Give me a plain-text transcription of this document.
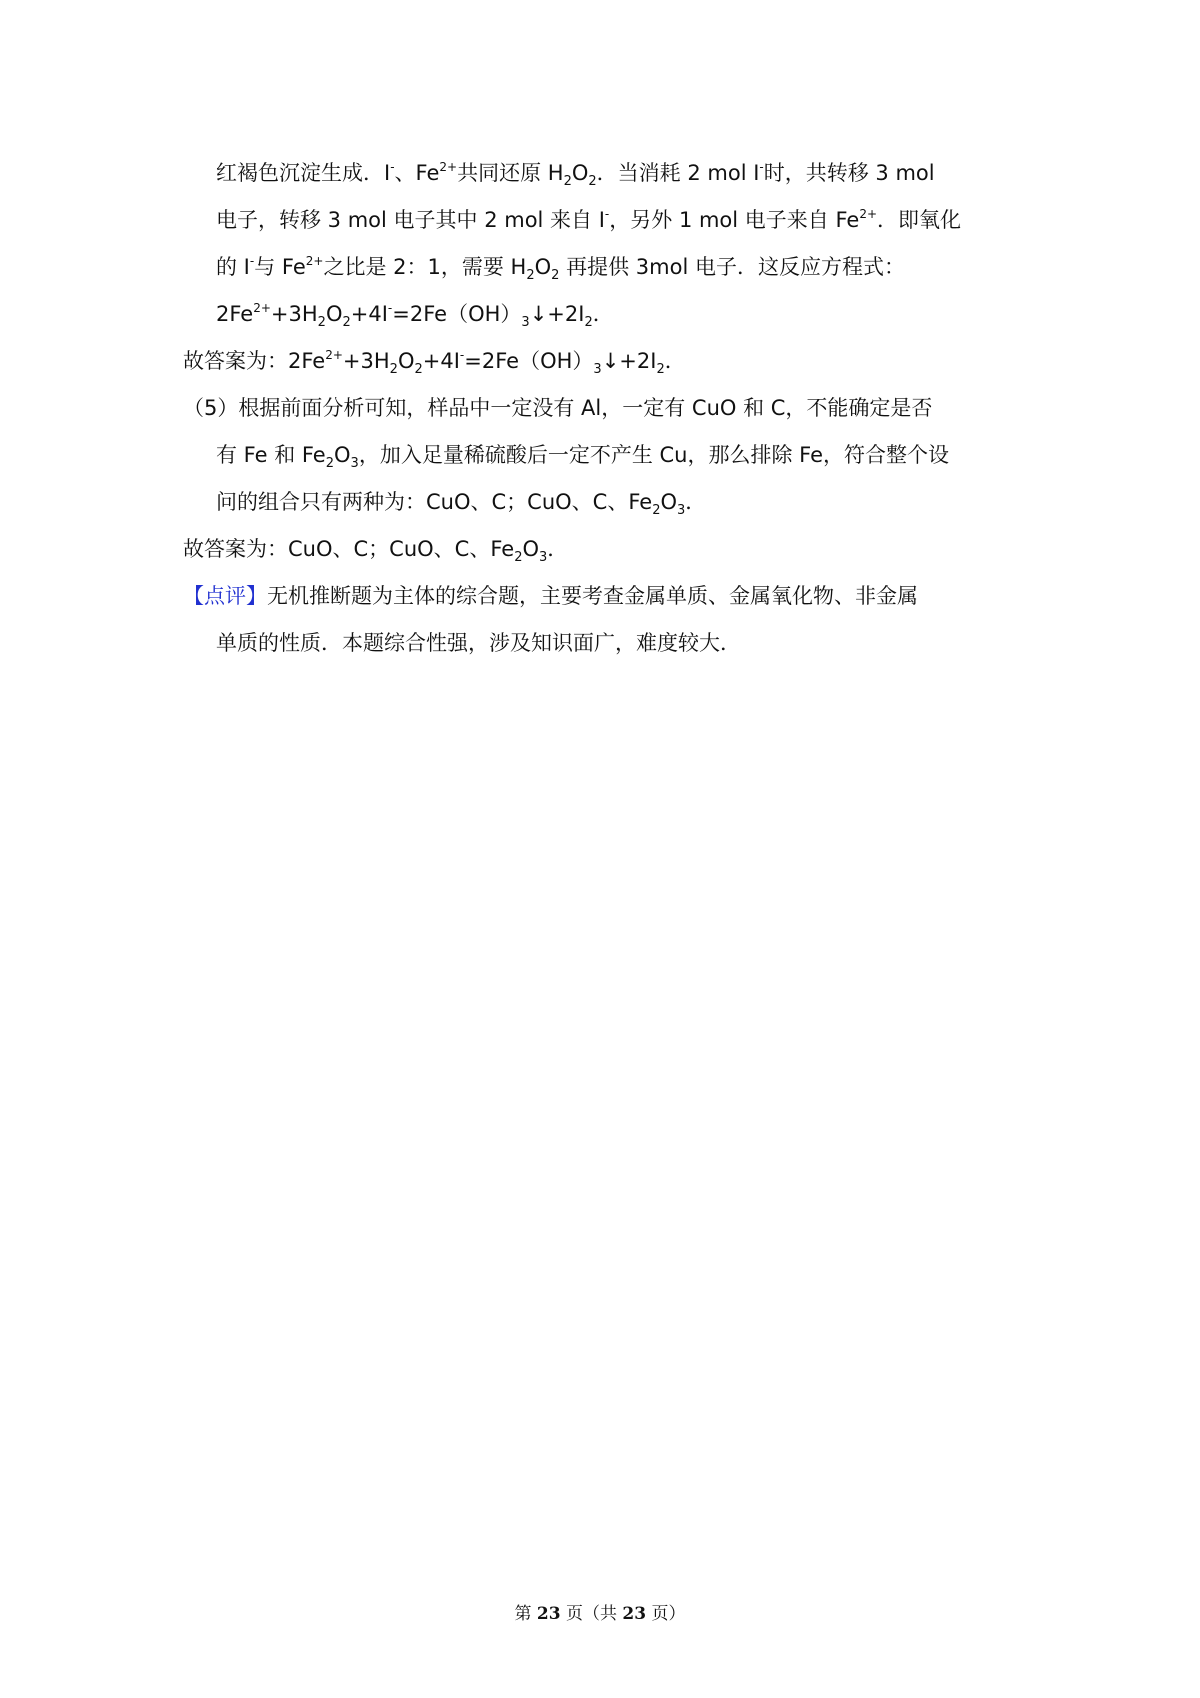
红褐色沉淀生成．I-、$Fe^{2+}$共同还原 $H_2O_2$．当消耗 2 mol I-时，共转移 3 mol
电子，转移 3 mol 电子其中 2 mol 来自 I-，另外 1 mol 电子来自 $Fe^{2+}$．即氧化
的 I-与 $Fe^{2+}$之比是 2：1，需要 $H_2O_2$ 再提供 3mol 电子．这反应方程式：
$2Fe^{2+}+3H_2O_2+4I^-=2Fe(OH)_3↓+2I_2$．
故答案为：$2Fe^{2+}+3H_2O_2+4I^-=2Fe(OH)_3↓+2I_2$．
（5）根据前面分析可知，样品中一定没有 Al，一定有 CuO 和 C，不能确定是否
有 Fe 和 $Fe_2O_3$，加入足量稀硫酸后一定不产生 Cu，那么排除 Fe，符合整个设
问的组合只有两种为：CuO、C；CuO、C、$Fe_2O_3$．
故答案为：CuO、C；CuO、C、$Fe_2O_3$．
【点评】无机推断题为主体的综合题，主要考查金属单质、金属氧化物、非金属
单质的性质．本题综合性强，涉及知识面广，难度较大．
第 23 页（共 23 页）
